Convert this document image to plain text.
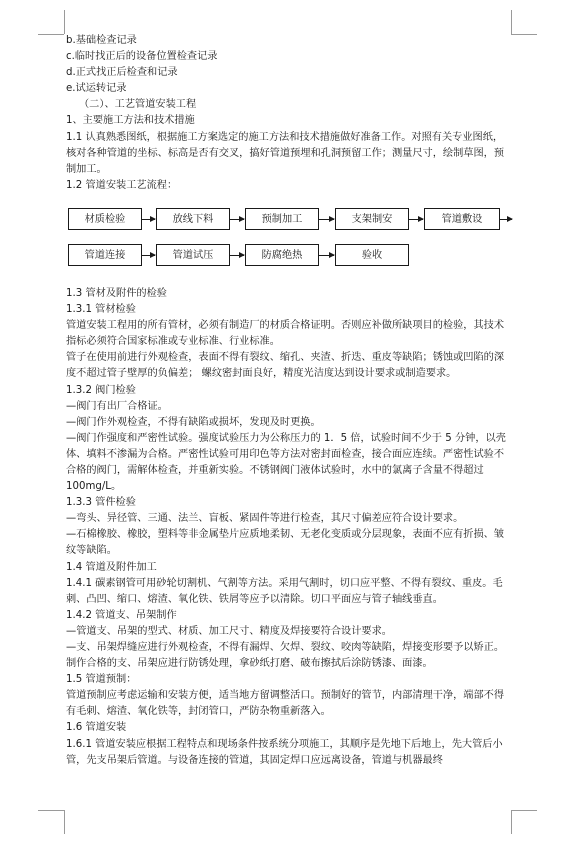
b.基础检查记录

c.临时找正后的设备位置检查记录

d.正式找正后检查和记录

e.试运转记录

（二）、工艺管道安装工程

1、主要施工方法和技术措施

1.1 认真熟悉图纸，根据施工方案选定的施工方法和技术措施做好准备工作。对照有关专业图纸，核对各种管道的坐标、标高是否有交叉，搞好管道预埋和孔洞预留工作；测量尺寸，绘制草图，预制加工。

1.2 管道安装工艺流程：

材质检验	放线下料	预制加工	支架制安	管道敷设
管道连接	管道试压	防腐绝热	验收

1.3 管材及附件的检验

1.3.1 管材检验

管道安装工程用的所有管材，必须有制造厂的材质合格证明。否则应补做所缺项目的检验，其技术指标必须符合国家标准或专业标准、行业标准。

管子在使用前进行外观检查，表面不得有裂纹、缩孔、夹渣、折迭、重皮等缺陷；锈蚀或凹陷的深度不超过管子壁厚的负偏差； 螺纹密封面良好，精度光洁度达到设计要求或制造要求。

1.3.2 阀门检验

—阀门有出厂合格证。

—阀门作外观检查，不得有缺陷或损坏，发现及时更换。

—阀门作强度和严密性试验。强度试验压力为公称压力的 1．5 倍，试验时间不少于 5 分钟，以壳体、填料不渗漏为合格。严密性试验可用印色等方法对密封面检查，接合面应连续。严密性试验不合格的阀门，需解体检查，并重新实验。不锈钢阀门液体试验时，水中的氯离子含量不得超过 100mg/L。

1.3.3 管件检验

—弯头、异径管、三通、法兰、盲板、紧固件等进行检查，其尺寸偏差应符合设计要求。

—石棉橡胶、橡胶，塑料等非金属垫片应质地柔韧、无老化变质或分层现象，表面不应有折损、皱纹等缺陷。

1.4 管道及附件加工

1.4.1 碳素钢管可用砂轮切割机、气割等方法。采用气割时，切口应平整、不得有裂纹、重皮。毛刺、凸凹、缩口、熔渣、氧化铁、铁屑等应予以清除。切口平面应与管子轴线垂直。

1.4.2 管道支、吊架制作

—管道支、吊架的型式、材质、加工尺寸、精度及焊接要符合设计要求。

—支、吊架焊缝应进行外观检查，不得有漏焊、欠焊、裂纹、咬肉等缺陷，焊接变形要予以矫正。制作合格的支、吊架应进行防锈处理，拿砂纸打磨、破布擦拭后涂防锈漆、面漆。

1.5 管道预制：

管道预制应考虑运输和安装方便，适当地方留调整活口。预制好的管节，内部清理干净，端部不得有毛刺、熔渣、氧化铁等，封闭管口，严防杂物重新落入。

1.6 管道安装

1.6.1 管道安装应根据工程特点和现场条件按系统分项施工，其顺序是先地下后地上，先大管后小管，先支吊架后管道。与设备连接的管道，其固定焊口应远离设备，管道与机器最终
